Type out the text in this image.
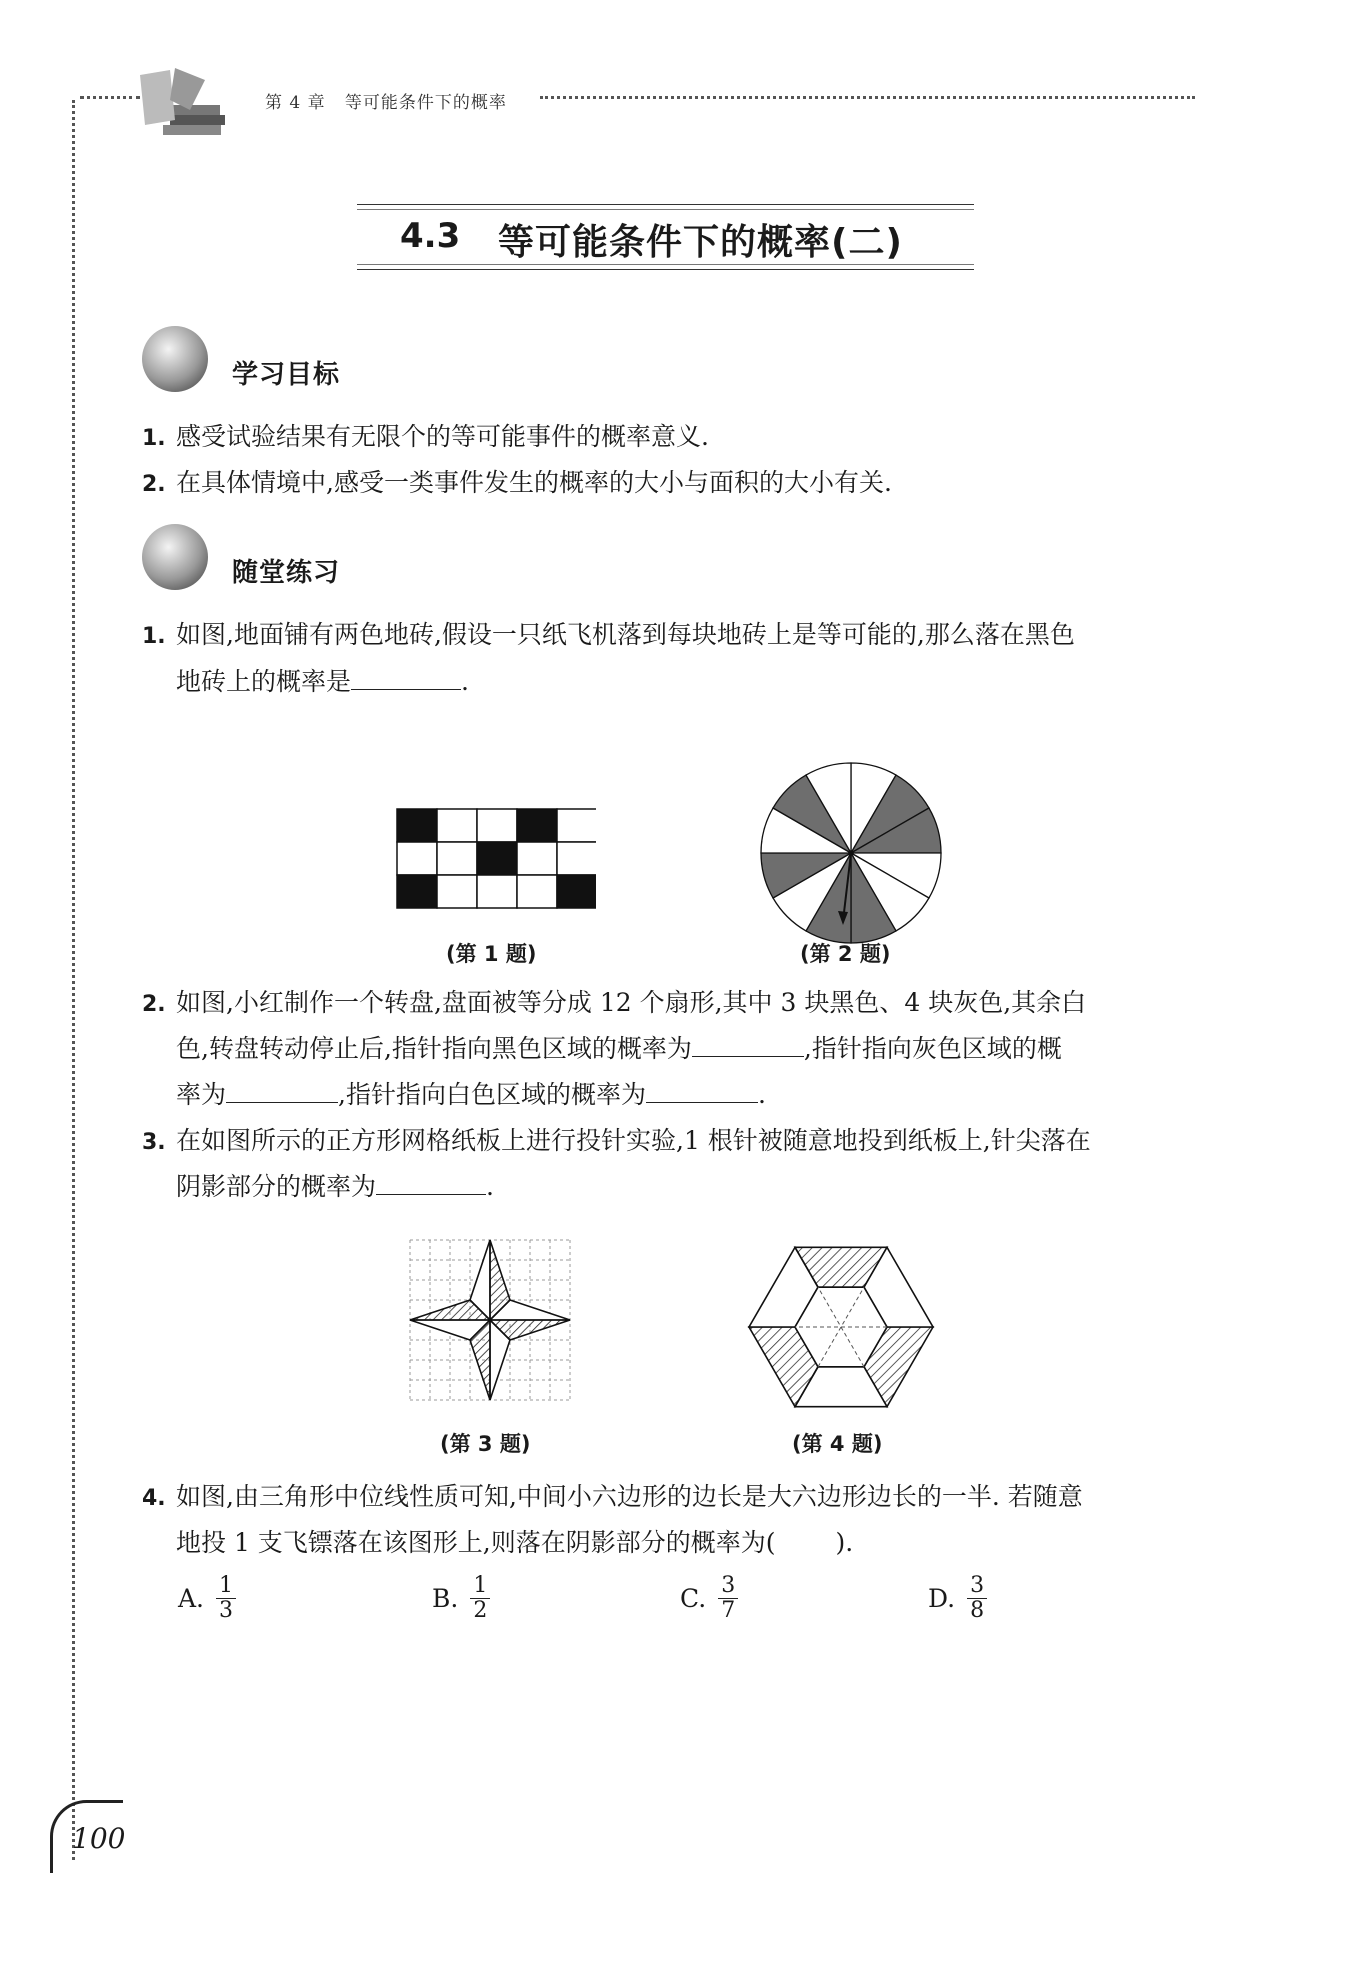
第 4 章 等可能条件下的概率
4.3 等可能条件下的概率(二)
学习目标
1. 感受试验结果有无限个的等可能事件的概率意义.
2. 在具体情境中,感受一类事件发生的概率的大小与面积的大小有关.
随堂练习
1. 如图,地面铺有两色地砖,假设一只纸飞机落到每块地砖上是等可能的,那么落在黑色
地砖上的概率是	.
(第 1 题)	(第 2 题)
2. 如图,小红制作一个转盘,盘面被等分成 12 个扇形,其中 3 块黑色、4 块灰色,其余白
色,转盘转动停止后,指针指向黑色区域的概率为	,指针指向灰色区域的概
率为	,指针指向白色区域的概率为	.
3. 在如图所示的正方形网格纸板上进行投针实验,1 根针被随意地投到纸板上,针尖落在
阴影部分的概率为	.
(第 3 题)	(第 4 题)
4. 如图,由三角形中位线性质可知,中间小六边形的边长是大六边形边长的一半. 若随意
地投 1 支飞镖落在该图形上,则落在阴影部分的概率为( ).
A. $\frac{1}{3}$	B. $\frac{1}{2}$	C. $\frac{3}{7}$	D. $\frac{3}{8}$
100
